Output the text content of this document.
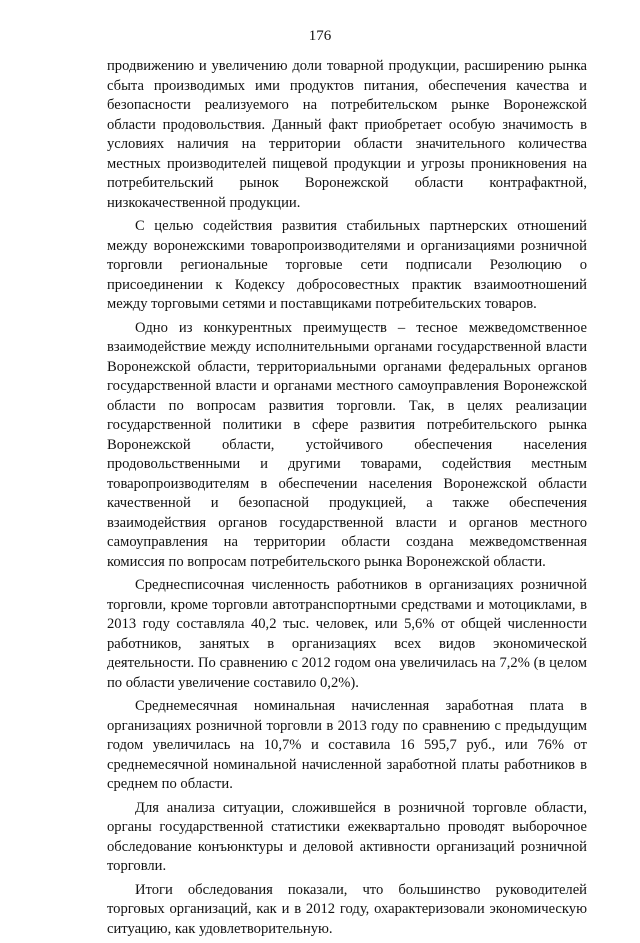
176

продвижению и увеличению доли товарной продукции, расширению рынка сбыта производимых ими продуктов питания, обеспечения качества и безопасности реализуемого на потребительском рынке Воронежской области продовольствия. Данный факт приобретает особую значимость в условиях наличия на территории области значительного количества местных производителей пищевой продукции и угрозы проникновения на потребительский рынок Воронежской области контрафактной, низкокачественной продукции.

С целью содействия развития стабильных партнерских отношений между воронежскими товаропроизводителями и организациями розничной торговли региональные торговые сети подписали Резолюцию о присоединении к Кодексу добросовестных практик взаимоотношений между торговыми сетями и поставщиками потребительских товаров.

Одно из конкурентных преимуществ – тесное межведомственное взаимодействие между исполнительными органами государственной власти Воронежской области, территориальными органами федеральных органов государственной власти и органами местного самоуправления Воронежской области по вопросам развития торговли. Так, в целях реализации государственной политики в сфере развития потребительского рынка Воронежской области, устойчивого обеспечения населения продовольственными и другими товарами, содействия местным товаропроизводителям в обеспечении населения Воронежской области качественной и безопасной продукцией, а также обеспечения взаимодействия органов государственной власти и органов местного самоуправления на территории области создана межведомственная комиссия по вопросам потребительского рынка Воронежской области.

Среднесписочная численность работников в организациях розничной торговли, кроме торговли автотранспортными средствами и мотоциклами, в 2013 году составляла 40,2 тыс. человек, или 5,6% от общей численности работников, занятых в организациях всех видов экономической деятельности. По сравнению с 2012 годом она увеличилась на 7,2% (в целом по области увеличение составило 0,2%).

Среднемесячная номинальная начисленная заработная плата в организациях розничной торговли в 2013 году по сравнению с предыдущим годом увеличилась на 10,7% и составила 16 595,7 руб., или 76% от среднемесячной номинальной начисленной заработной платы работников в среднем по области.

Для анализа ситуации, сложившейся в розничной торговле области, органы государственной статистики ежеквартально проводят выборочное обследование конъюнктуры и деловой активности организаций розничной торговли.

Итоги обследования показали, что большинство руководителей торговых организаций, как и в 2012 году, охарактеризовали экономическую ситуацию, как удовлетворительную.
